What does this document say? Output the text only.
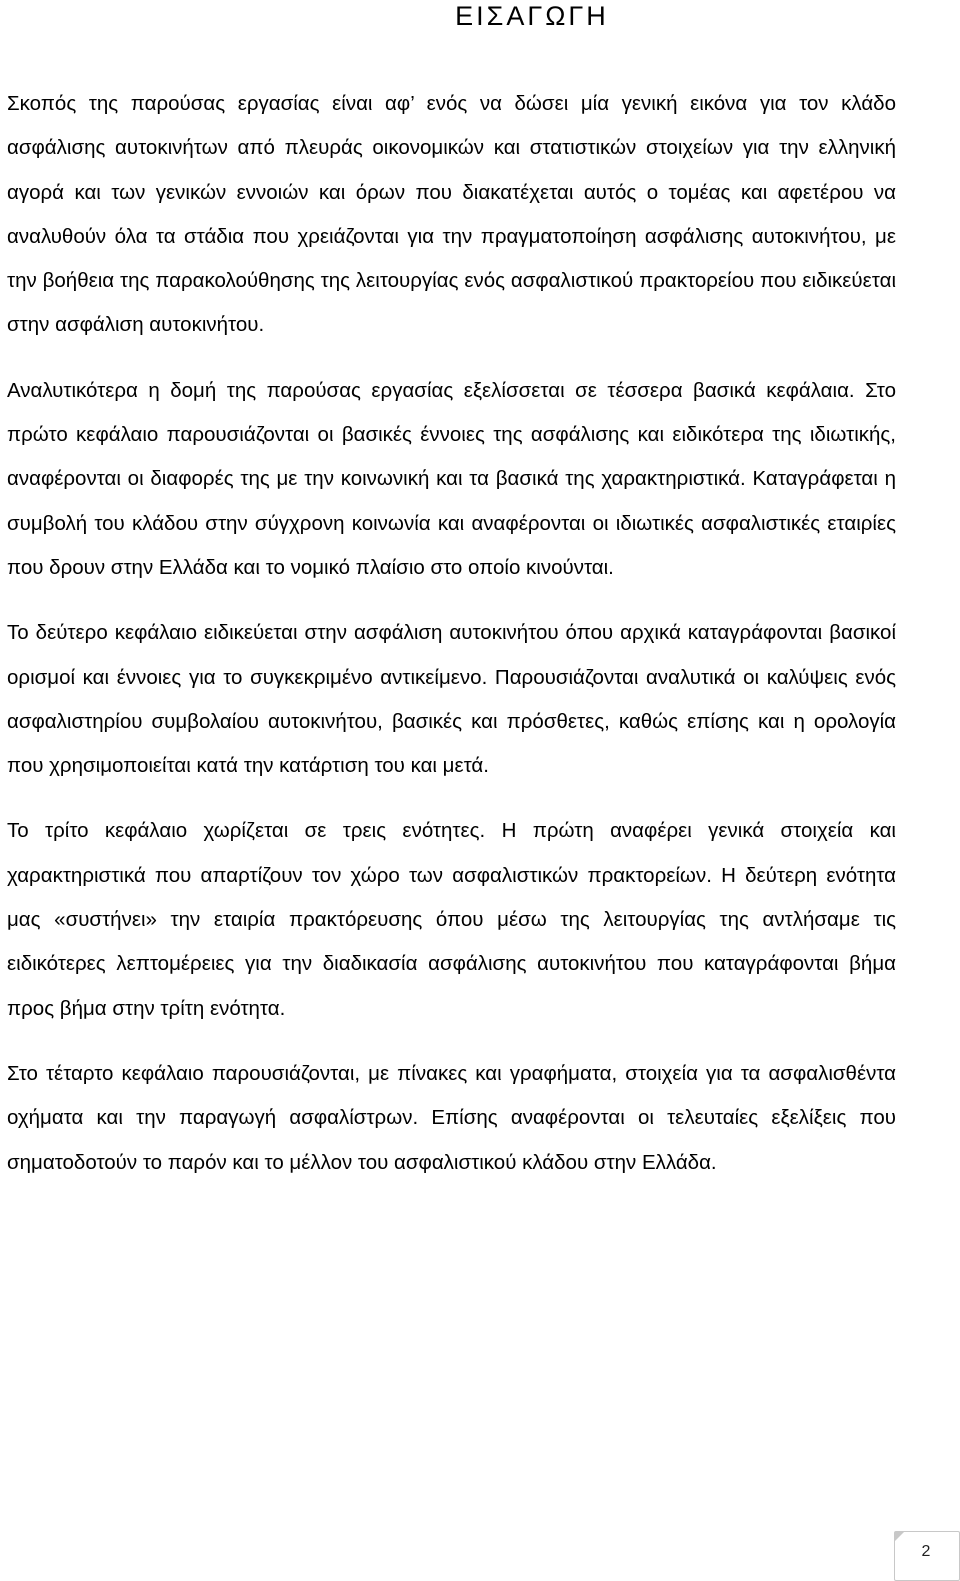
ΕΙΣΑΓΩΓΗ

Σκοπός της παρούσας εργασίας είναι αφ’ ενός να δώσει μία γενική εικόνα για τον κλάδο ασφάλισης αυτοκινήτων από πλευράς οικονομικών και στατιστικών στοιχείων για την ελληνική αγορά και των γενικών εννοιών και όρων που διακατέχεται αυτός ο τομέας και αφετέρου να αναλυθούν όλα τα στάδια που χρειάζονται για την πραγματοποίηση ασφάλισης αυτοκινήτου, με την βοήθεια της παρακολούθησης της λειτουργίας ενός ασφαλιστικού πρακτορείου που ειδικεύεται στην ασφάλιση αυτοκινήτου.

Αναλυτικότερα η δομή της παρούσας εργασίας εξελίσσεται σε τέσσερα βασικά κεφάλαια. Στο πρώτο κεφάλαιο παρουσιάζονται οι βασικές έννοιες της ασφάλισης και ειδικότερα της ιδιωτικής, αναφέρονται οι διαφορές της με την κοινωνική και τα βασικά της χαρακτηριστικά. Καταγράφεται η συμβολή του κλάδου στην σύγχρονη κοινωνία και αναφέρονται οι ιδιωτικές ασφαλιστικές εταιρίες που δρουν στην Ελλάδα και το νομικό πλαίσιο στο οποίο κινούνται.

Το δεύτερο κεφάλαιο ειδικεύεται στην ασφάλιση αυτοκινήτου όπου αρχικά καταγράφονται βασικοί ορισμοί και έννοιες για το συγκεκριμένο αντικείμενο. Παρουσιάζονται αναλυτικά οι καλύψεις ενός ασφαλιστηρίου συμβολαίου αυτοκινήτου, βασικές και πρόσθετες, καθώς επίσης και η ορολογία που χρησιμοποιείται κατά την κατάρτιση του και μετά.

Το τρίτο κεφάλαιο χωρίζεται σε τρεις ενότητες. Η πρώτη αναφέρει γενικά στοιχεία και χαρακτηριστικά που απαρτίζουν τον χώρο των ασφαλιστικών πρακτορείων. Η δεύτερη ενότητα μας «συστήνει» την εταιρία πρακτόρευσης όπου μέσω της λειτουργίας της αντλήσαμε τις ειδικότερες λεπτομέρειες για την διαδικασία ασφάλισης αυτοκινήτου που καταγράφονται βήμα προς βήμα στην τρίτη ενότητα.

Στο τέταρτο κεφάλαιο παρουσιάζονται, με πίνακες και γραφήματα, στοιχεία για τα ασφαλισθέντα οχήματα και την παραγωγή ασφαλίστρων. Επίσης αναφέρονται οι τελευταίες εξελίξεις που σηματοδοτούν το παρόν και το μέλλον του ασφαλιστικού κλάδου στην Ελλάδα.

2
